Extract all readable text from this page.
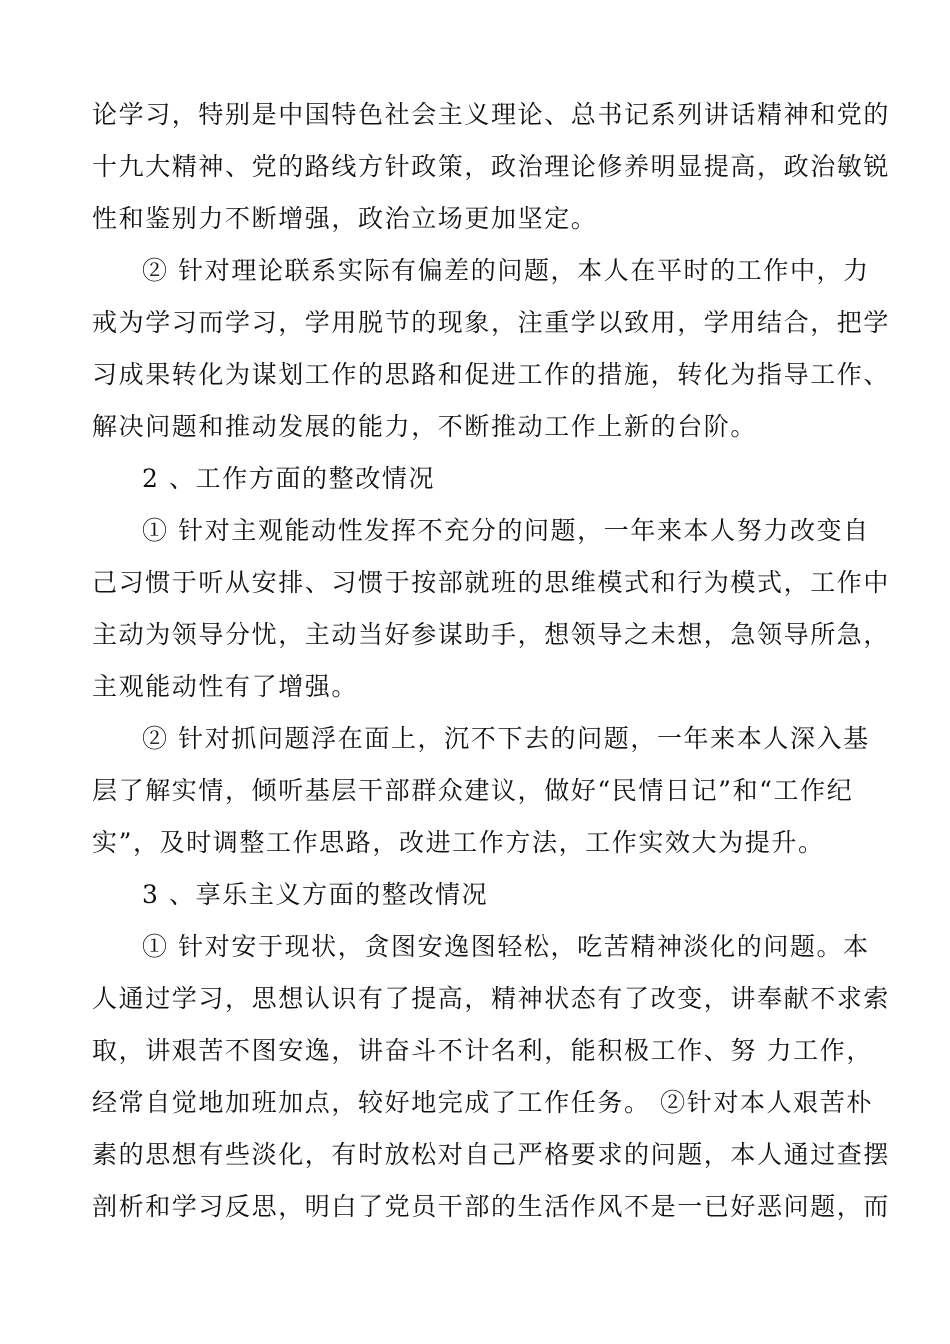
论学习，特别是中国特色社会主义理论、总书记系列讲话精神和党的
十九大精神、党的路线方针政策，政治理论修养明显提高，政治敏锐
性和鉴别力不断增强，政治立场更加坚定。
② 针对理论联系实际有偏差的问题，本人在平时的工作中，力
戒为学习而学习，学用脱节的现象，注重学以致用，学用结合，把学
习成果转化为谋划工作的思路和促进工作的措施，转化为指导工作、
解决问题和推动发展的能力，不断推动工作上新的台阶。
2 、工作方面的整改情况
① 针对主观能动性发挥不充分的问题，一年来本人努力改变自
己习惯于听从安排、习惯于按部就班的思维模式和行为模式，工作中
主动为领导分忧，主动当好参谋助手，想领导之未想，急领导所急，
主观能动性有了增强。
② 针对抓问题浮在面上，沉不下去的问题，一年来本人深入基
层了解实情，倾听基层干部群众建议，做好“民情日记”和“工作纪
实”，及时调整工作思路，改进工作方法，工作实效大为提升。
3 、享乐主义方面的整改情况
① 针对安于现状，贪图安逸图轻松，吃苦精神淡化的问题。本
人通过学习，思想认识有了提高，精神状态有了改变，讲奉献不求索
取，讲艰苦不图安逸，讲奋斗不计名利，能积极工作、努 力工作，
经常自觉地加班加点，较好地完成了工作任务。 ②针对本人艰苦朴
素的思想有些淡化，有时放松对自己严格要求的问题，本人通过查摆
剖析和学习反思，明白了党员干部的生活作风不是一已好恶问题，而
